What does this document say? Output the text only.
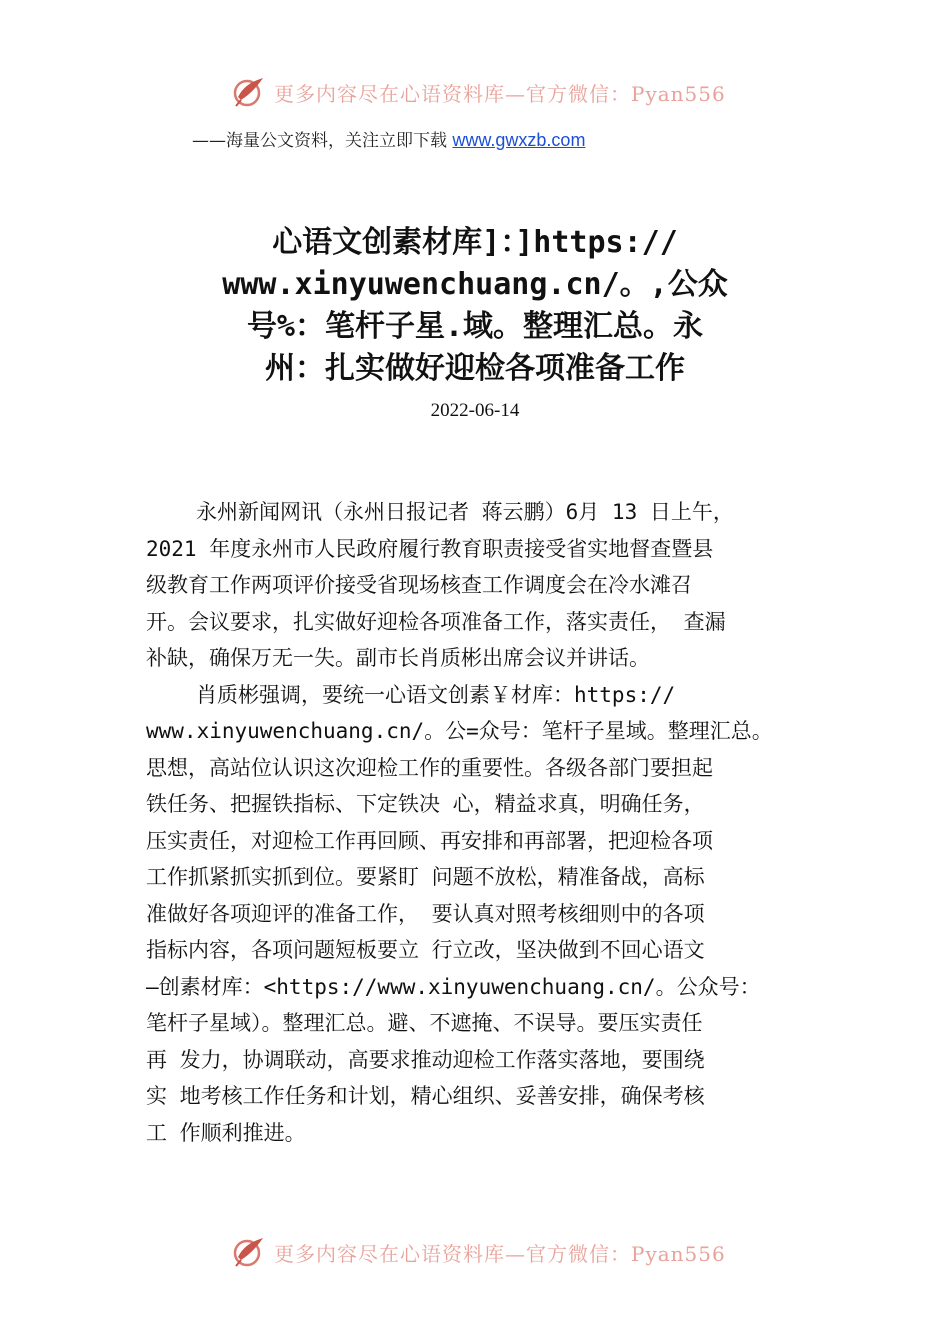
更多内容尽在心语资料库—官方微信：Pyan556
——海量公文资料，关注立即下载 www.gwxzb.com
心语文创素材库]：]https://
www.xinyuwenchuang.cn/。,公众
号%：笔杆子星.域。整理汇总。永
州：扎实做好迎检各项准备工作
2022-06-14
永州新闻网讯（永州日报记者 蒋云鹏）6月 13 日上午，
2021 年度永州市人民政府履行教育职责接受省实地督查暨县
级教育工作两项评价接受省现场核查工作调度会在冷水滩召
开。会议要求，扎实做好迎检各项准备工作，落实责任， 查漏
补缺，确保万无一失。副市长肖质彬出席会议并讲话。
肖质彬强调，要统一心语文创素￥材库：https://
www.xinyuwenchuang.cn/。公=众号：笔杆子星域。整理汇总。
思想，高站位认识这次迎检工作的重要性。各级各部门要担起
铁任务、把握铁指标、下定铁决 心，精益求真，明确任务，
压实责任，对迎检工作再回顾、再安排和再部署，把迎检各项
工作抓紧抓实抓到位。要紧盯 问题不放松，精准备战，高标
准做好各项迎评的准备工作， 要认真对照考核细则中的各项
指标内容，各项问题短板要立 行立改，坚决做到不回心语文
—创素材库：<https://www.xinyuwenchuang.cn/。公众号：
笔杆子星域）。整理汇总。避、不遮掩、不误导。要压实责任
再 发力，协调联动，高要求推动迎检工作落实落地，要围绕
实 地考核工作任务和计划，精心组织、妥善安排，确保考核
工 作顺利推进。
更多内容尽在心语资料库—官方微信：Pyan556
